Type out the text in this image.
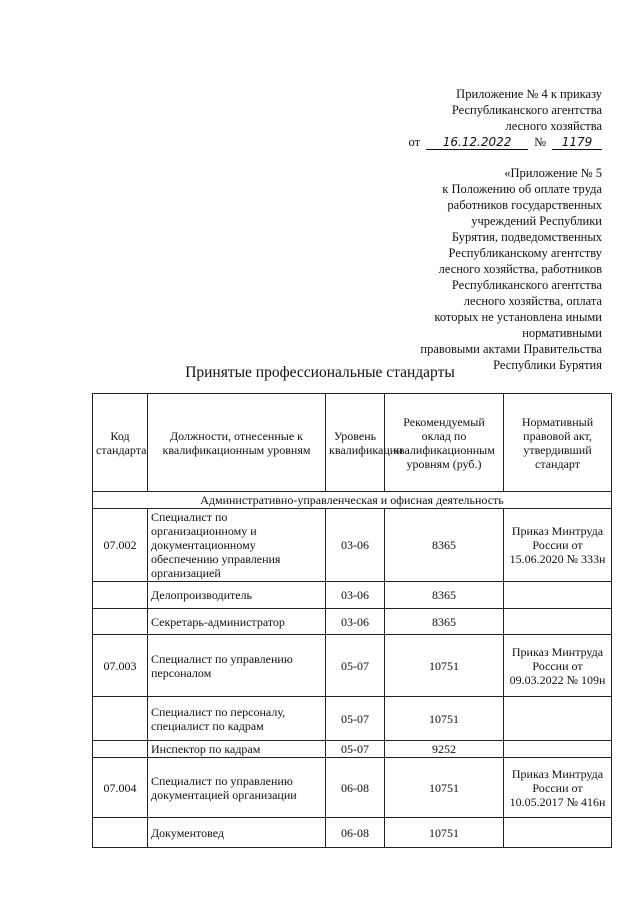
Приложение № 4 к приказу
Республиканского агентства
лесного хозяйства
от	16.12.2022	№	1179
«Приложение № 5
к Положению об оплате труда
работников государственных
учреждений Республики
Бурятия, подведомственных
Республиканскому агентству
лесного хозяйства, работников
Республиканского агентства
лесного хозяйства, оплата
которых не установлена иными
нормативными
правовыми актами Правительства
Республики Бурятия
Принятые профессиональные стандарты
Код стандарта	Должности, отнесенные к квалификационным уровням	Уровень квалификации	Рекомендуемый оклад по квалификационным уровням (руб.)	Нормативный правовой акт, утвердивший стандарт
Административно-управленческая и офисная деятельность				
07.002	Специалист по организационному и документационному обеспечению управления организацией	03-06	8365	Приказ Минтруда России от 15.06.2020 № 333н
	Делопроизводитель	03-06	8365	
	Секретарь-администратор	03-06	8365	
07.003	Специалист по управлению персоналом	05-07	10751	Приказ Минтруда России от 09.03.2022 № 109н
	Специалист по персоналу, специалист по кадрам	05-07	10751	
	Инспектор по кадрам	05-07	9252	
07.004	Специалист по управлению документацией организации	06-08	10751	Приказ Минтруда России от 10.05.2017 № 416н
	Документовед	06-08	10751	
